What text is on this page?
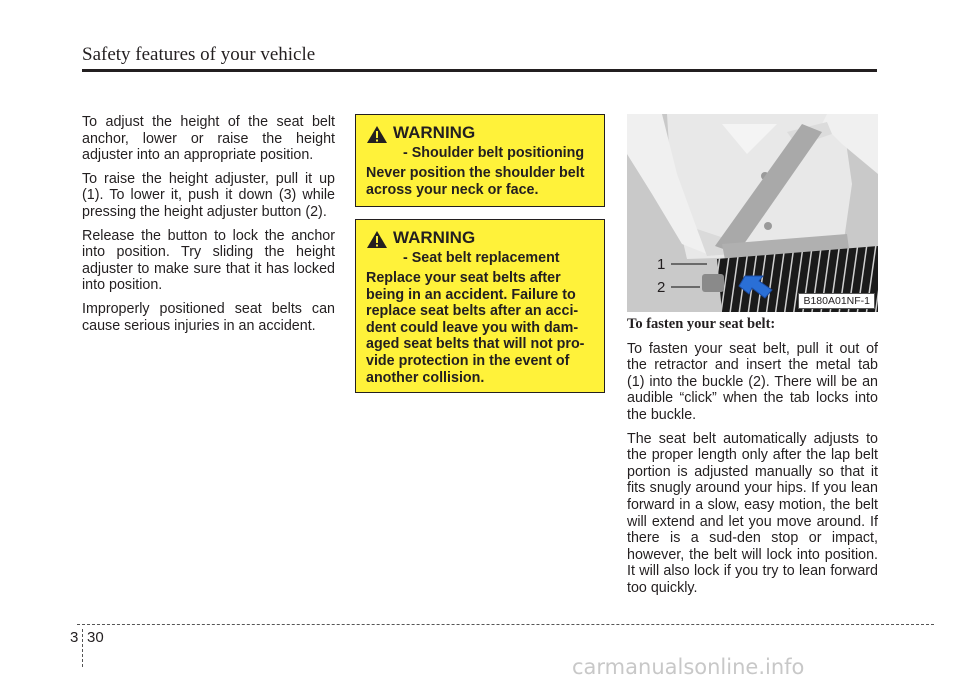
Safety features of your vehicle

To adjust the height of the seat belt anchor, lower or raise the height adjuster into an appropriate position.

To raise the height adjuster, pull it up (1). To lower it, push it down (3) while pressing the height adjuster button (2).

Release the button to lock the anchor into position. Try sliding the height adjuster to make sure that it has locked into position.

Improperly positioned seat belts can cause serious injuries in an accident.

WARNING
- Shoulder belt positioning
Never position the shoulder belt across your neck or face.
WARNING
- Seat belt replacement
Replace your seat belts after being in an accident. Failure to replace seat belts after an acci-dent could leave you with dam-aged seat belts that will not pro-vide protection in the event of another collision.
1
2
B180A01NF-1

To fasten your seat belt:

To fasten your seat belt, pull it out of the retractor and insert the metal tab (1) into the buckle (2). There will be an audible “click” when the tab locks into the buckle.

The seat belt automatically adjusts to the proper length only after the lap belt portion is adjusted manually so that it fits snugly around your hips. If you lean forward in a slow, easy motion, the belt will extend and let you move around. If there is a sud-den stop or impact, however, the belt will lock into position. It will also lock if you try to lean forward too quickly.

3 30
carmanualsonline.info
